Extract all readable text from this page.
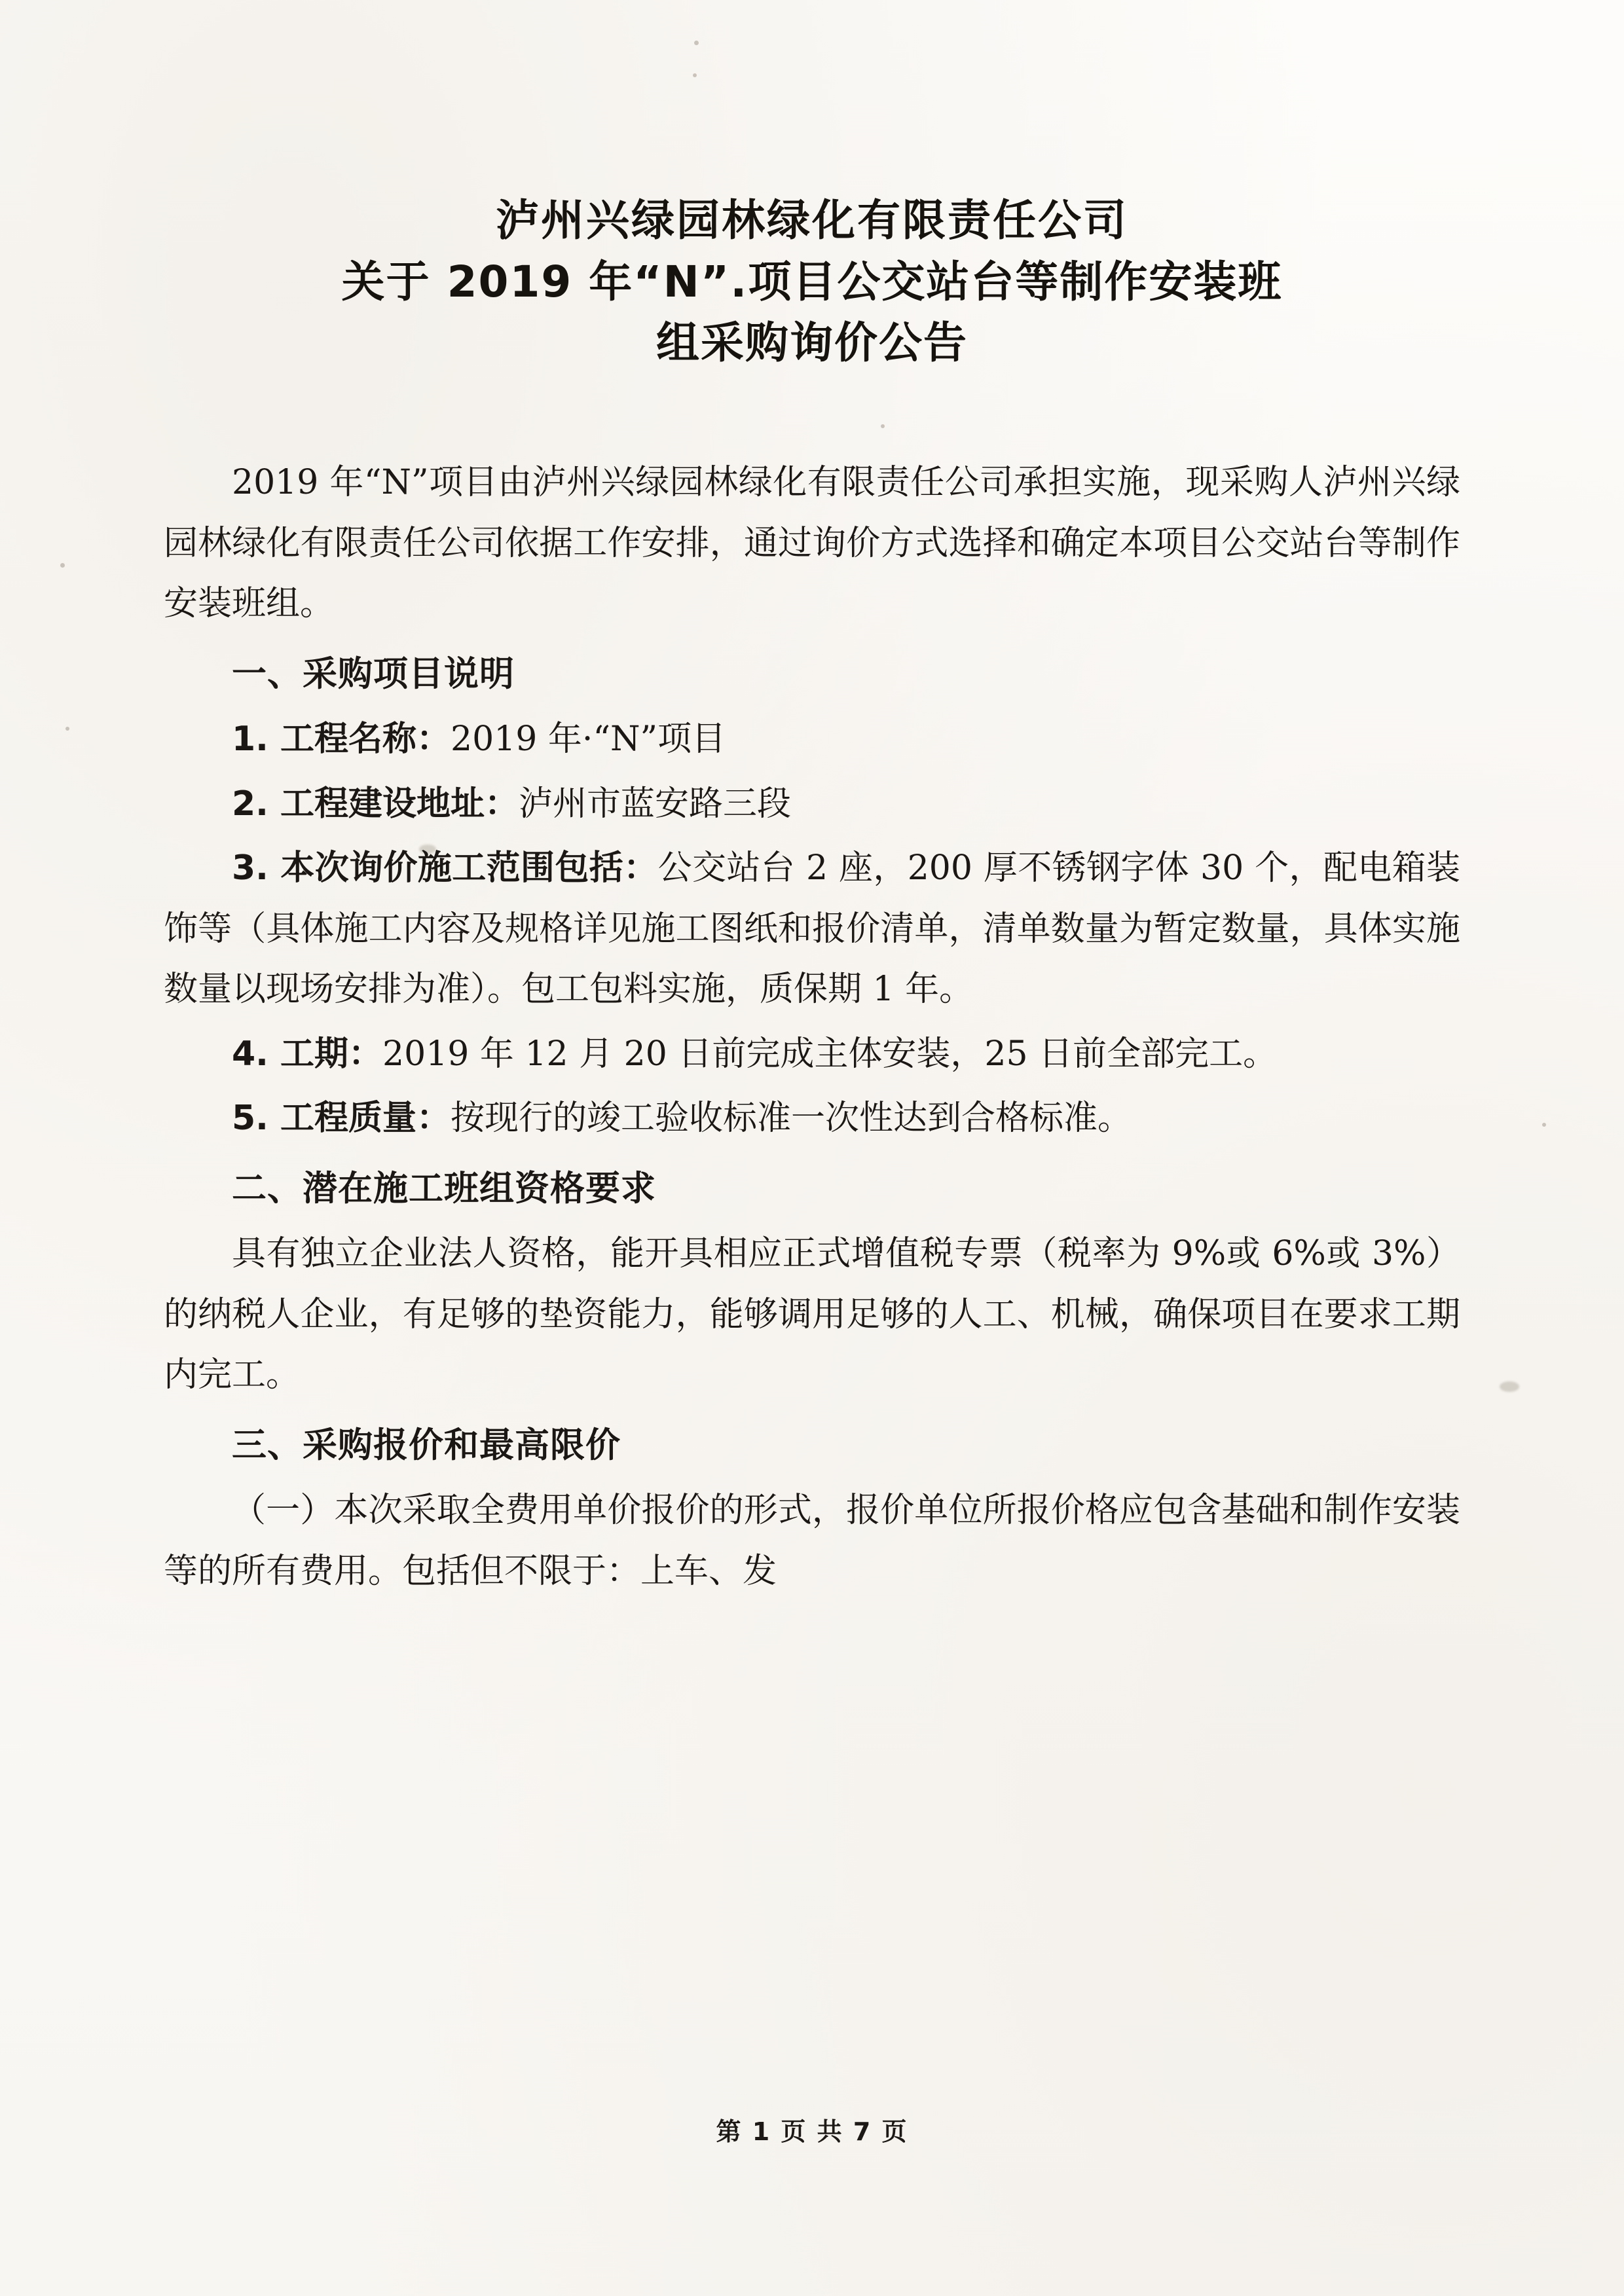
泸州兴绿园林绿化有限责任公司
关于 2019 年“N”.项目公交站台等制作安装班
组采购询价公告

2019 年“N”项目由泸州兴绿园林绿化有限责任公司承担实施，现采购人泸州兴绿园林绿化有限责任公司依据工作安排，通过询价方式选择和确定本项目公交站台等制作安装班组。

一、采购项目说明

1. 工程名称：2019 年·“N”项目

2. 工程建设地址：泸州市蓝安路三段

3. 本次询价施工范围包括：公交站台 2 座，200 厚不锈钢字体 30 个，配电箱装饰等（具体施工内容及规格详见施工图纸和报价清单，清单数量为暂定数量，具体实施数量以现场安排为准）。包工包料实施，质保期 1 年。

4. 工期：2019 年 12 月 20 日前完成主体安装，25 日前全部完工。

5. 工程质量：按现行的竣工验收标准一次性达到合格标准。

二、潜在施工班组资格要求

具有独立企业法人资格，能开具相应正式增值税专票（税率为 9%或 6%或 3%）的纳税人企业，有足够的垫资能力，能够调用足够的人工、机械，确保项目在要求工期内完工。

三、采购报价和最高限价

（一）本次采取全费用单价报价的形式，报价单位所报价格应包含基础和制作安装等的所有费用。包括但不限于：上车、发

第 1 页 共 7 页
